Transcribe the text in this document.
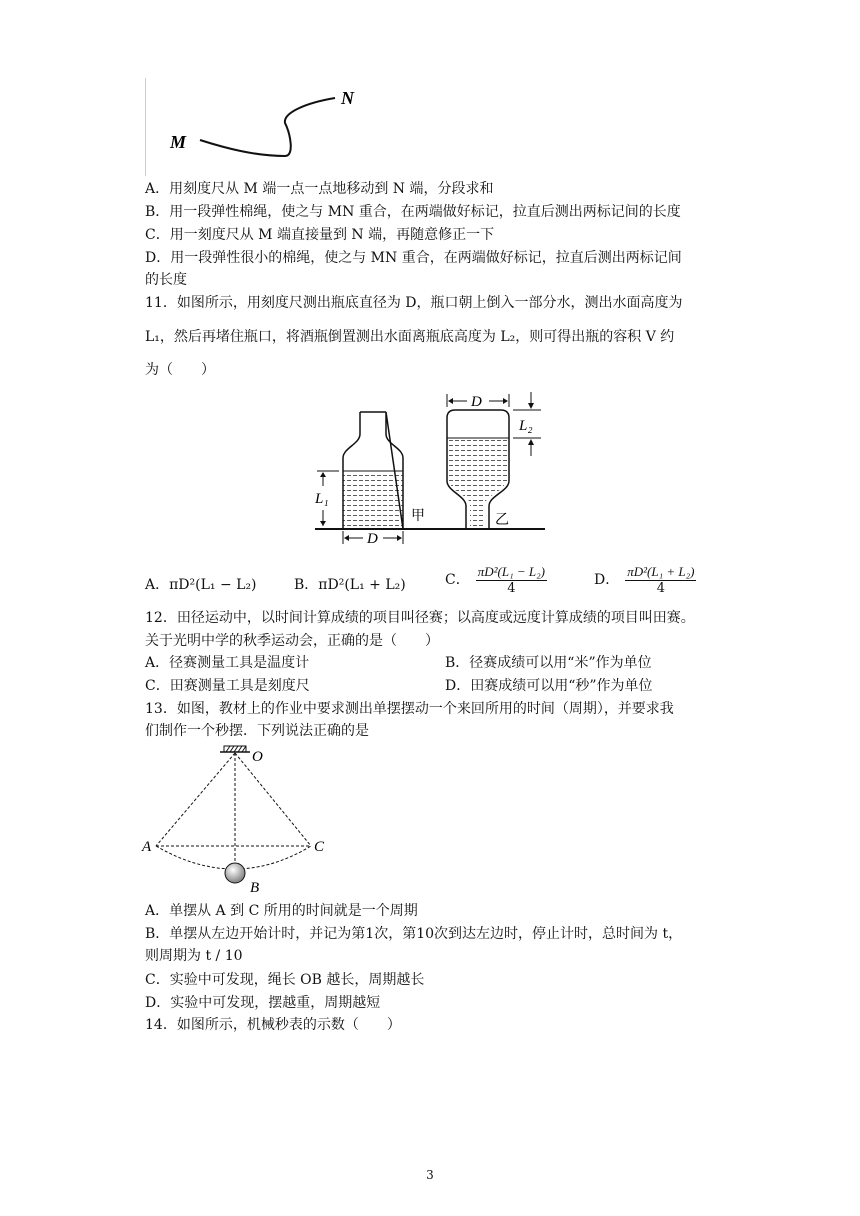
M
N
A．用刻度尺从 M 端一点一点地移动到 N 端，分段求和
B．用一段弹性棉绳，使之与 MN 重合，在两端做好标记，拉直后测出两标记间的长度
C．用一刻度尺从 M 端直接量到 N 端，再随意修正一下
D．用一段弹性很小的棉绳，使之与 MN 重合，在两端做好标记，拉直后测出两标记间
的长度
11．如图所示，用刻度尺测出瓶底直径为 D，瓶口朝上倒入一部分水，测出水面高度为
L₁，然后再堵住瓶口，将酒瓶倒置测出水面离瓶底高度为 L₂，则可得出瓶的容积 V 约
为（　　）
L₁
D
甲
D
L₂
乙
A．πD²(L₁ − L₂)	B．πD²(L₁ + L₂)	C． $\frac{\text{πD²(L₁ − L₂)}}{4}$	D． $\frac{\text{πD²(L₁ + L₂)}}{4}$
12．田径运动中，以时间计算成绩的项目叫径赛；以高度或远度计算成绩的项目叫田赛。
关于光明中学的秋季运动会，正确的是（　　）
A．径赛测量工具是温度计	B．径赛成绩可以用“米”作为单位
C．田赛测量工具是刻度尺	D．田赛成绩可以用“秒”作为单位
13．如图，教材上的作业中要求测出单摆摆动一个来回所用的时间（周期），并要求我
们制作一个秒摆．下列说法正确的是
O
A	C
B
A．单摆从 A 到 C 所用的时间就是一个周期
B．单摆从左边开始计时，并记为第1次，第10次到达左边时，停止计时，总时间为 t，
则周期为 t / 10
C．实验中可发现，绳长 OB 越长，周期越长
D．实验中可发现，摆越重，周期越短
14．如图所示，机械秒表的示数（　　）
3
